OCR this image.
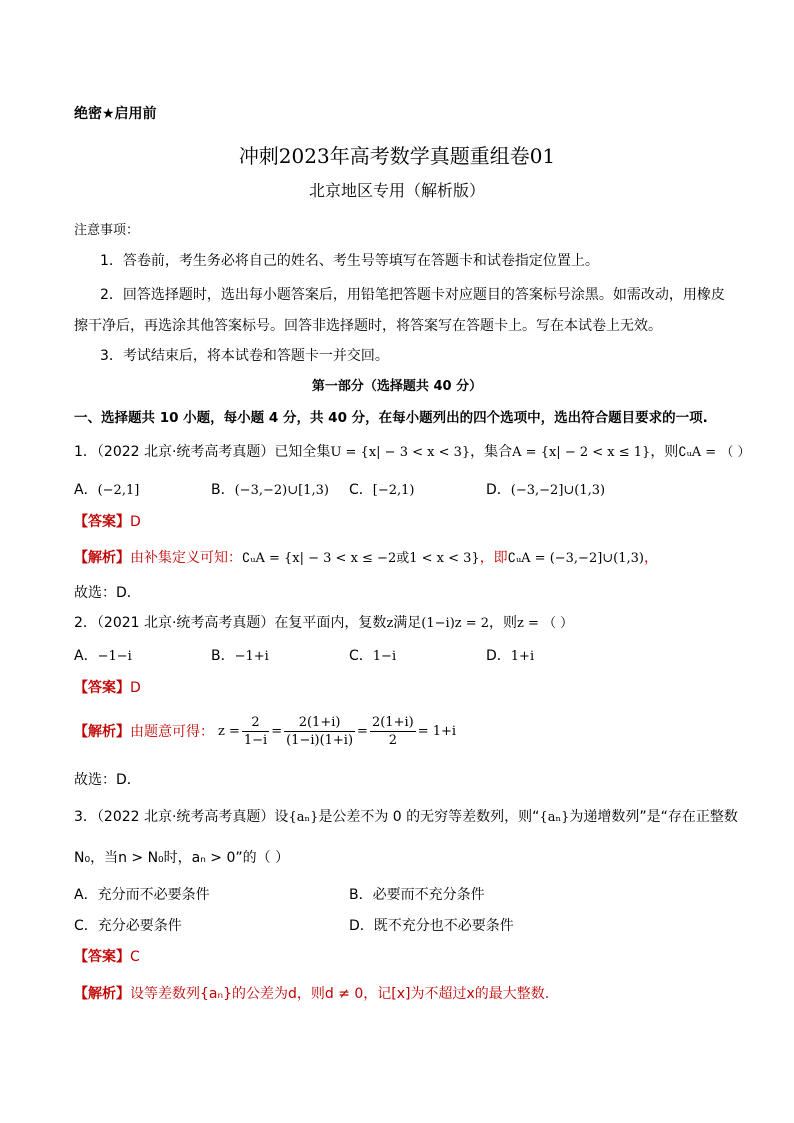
绝密★启用前
冲刺2023年高考数学真题重组卷01
北京地区专用（解析版）
注意事项：
1．答卷前，考生务必将自己的姓名、考生号等填写在答题卡和试卷指定位置上。
2．回答选择题时，选出每小题答案后，用铅笔把答题卡对应题目的答案标号涂黑。如需改动，用橡皮
擦干净后，再选涂其他答案标号。回答非选择题时，将答案写在答题卡上。写在本试卷上无效。
3．考试结束后，将本试卷和答题卡一并交回。
第一部分（选择题共 40 分）
一、选择题共 10 小题，每小题 4 分，共 40 分，在每小题列出的四个选项中，选出符合题目要求的一项.
1．（2022 北京·统考高考真题）已知全集U = {x| − 3 < x < 3}，集合A = {x| − 2 < x ≤ 1}，则∁ᵤA = （ ）
A．(−2,1]	B．(−3,−2)∪[1,3) C．[−2,1)	D．(−3,−2]∪(1,3)
【答案】D
【解析】由补集定义可知：∁ᵤA = {x| − 3 < x ≤ −2或1 < x < 3}，即∁ᵤA = (−3,−2]∪(1,3)，
故选：D．
2．（2021 北京·统考高考真题）在复平面内，复数z满足(1−i)z = 2，则z = （ ）
A．−1−i	B．−1+i	C．1−i	D．1+i
【答案】D
【解析】 由题意可得： $z = \frac{2}{1-i} = \frac{2(1+i)}{(1-i)(1+i)} = \frac{2(1+i)}{2} = 1+i$
故选：D．
3．（2022 北京·统考高考真题）设{aₙ}是公差不为 0 的无穷等差数列，则“{aₙ}为递增数列”是“存在正整数
N₀，当n > N₀时，aₙ > 0”的（ ）
A．充分而不必要条件	B．必要而不充分条件
C．充分必要条件	D．既不充分也不必要条件
【答案】C
【解析】设等差数列{aₙ}的公差为d，则d ≠ 0，记[x]为不超过x的最大整数.
